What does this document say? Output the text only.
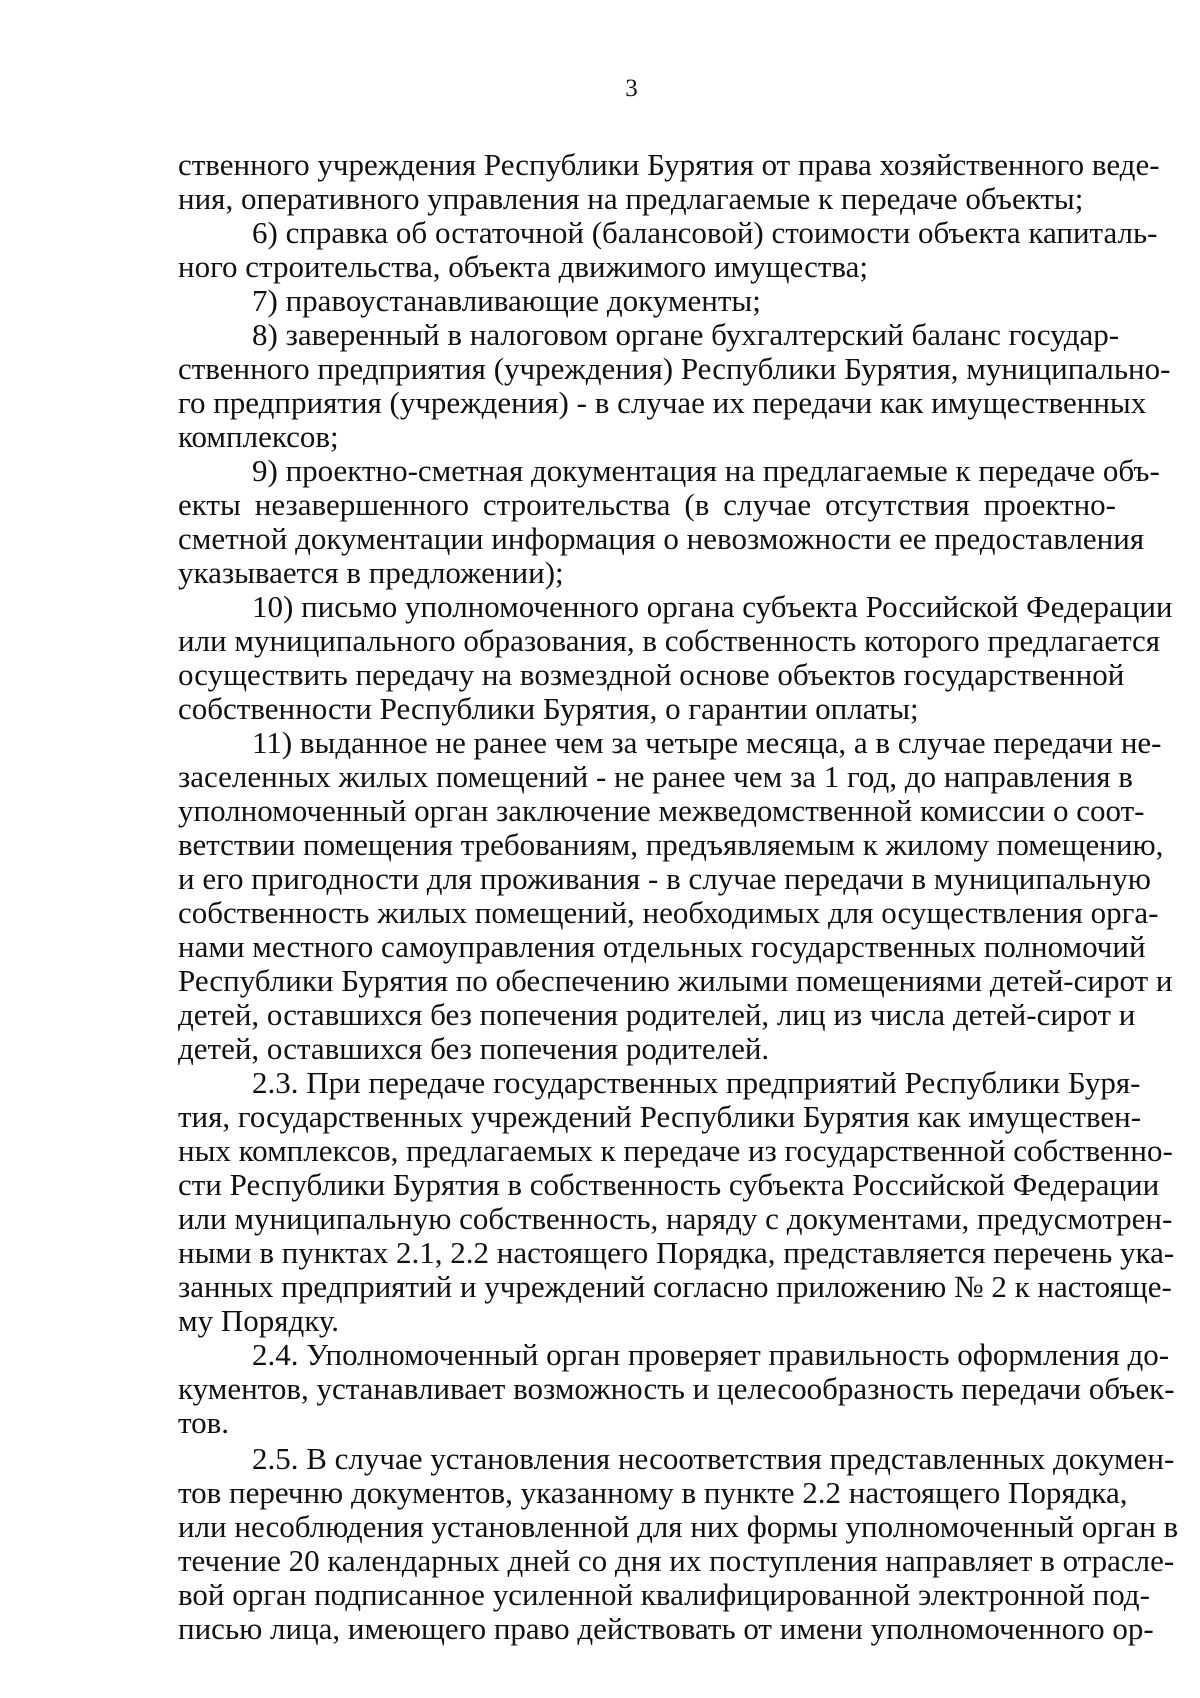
3
ственного учреждения Республики Бурятия от права хозяйственного веде-
ния, оперативного управления на предлагаемые к передаче объекты;
6) справка об остаточной (балансовой) стоимости объекта капиталь-
ного строительства, объекта движимого имущества;
7) правоустанавливающие документы;
8) заверенный в налоговом органе бухгалтерский баланс государ-
ственного предприятия (учреждения) Республики Бурятия, муниципально-
го предприятия (учреждения) - в случае их передачи как имущественных
комплексов;
9) проектно-сметная документация на предлагаемые к передаче объ-
екты незавершенного строительства (в случае отсутствия проектно-
сметной документации информация о невозможности ее предоставления
указывается в предложении);
10) письмо уполномоченного органа субъекта Российской Федерации
или муниципального образования, в собственность которого предлагается
осуществить передачу на возмездной основе объектов государственной
собственности Республики Бурятия, о гарантии оплаты;
11) выданное не ранее чем за четыре месяца, а в случае передачи не-
заселенных жилых помещений - не ранее чем за 1 год, до направления в
уполномоченный орган заключение межведомственной комиссии о соот-
ветствии помещения требованиям, предъявляемым к жилому помещению,
и его пригодности для проживания - в случае передачи в муниципальную
собственность жилых помещений, необходимых для осуществления орга-
нами местного самоуправления отдельных государственных полномочий
Республики Бурятия по обеспечению жилыми помещениями детей-сирот и
детей, оставшихся без попечения родителей, лиц из числа детей-сирот и
детей, оставшихся без попечения родителей.
2.3. При передаче государственных предприятий Республики Буря-
тия, государственных учреждений Республики Бурятия как имуществен-
ных комплексов, предлагаемых к передаче из государственной собственно-
сти Республики Бурятия в собственность субъекта Российской Федерации
или муниципальную собственность, наряду с документами, предусмотрен-
ными в пунктах 2.1, 2.2 настоящего Порядка, представляется перечень ука-
занных предприятий и учреждений согласно приложению № 2 к настояще-
му Порядку.
2.4. Уполномоченный орган проверяет правильность оформления до-
кументов, устанавливает возможность и целесообразность передачи объек-
тов.
2.5. В случае установления несоответствия представленных докумен-
тов перечню документов, указанному в пункте 2.2 настоящего Порядка,
или несоблюдения установленной для них формы уполномоченный орган в
течение 20 календарных дней со дня их поступления направляет в отрасле-
вой орган подписанное усиленной квалифицированной электронной под-
писью лица, имеющего право действовать от имени уполномоченного ор-
